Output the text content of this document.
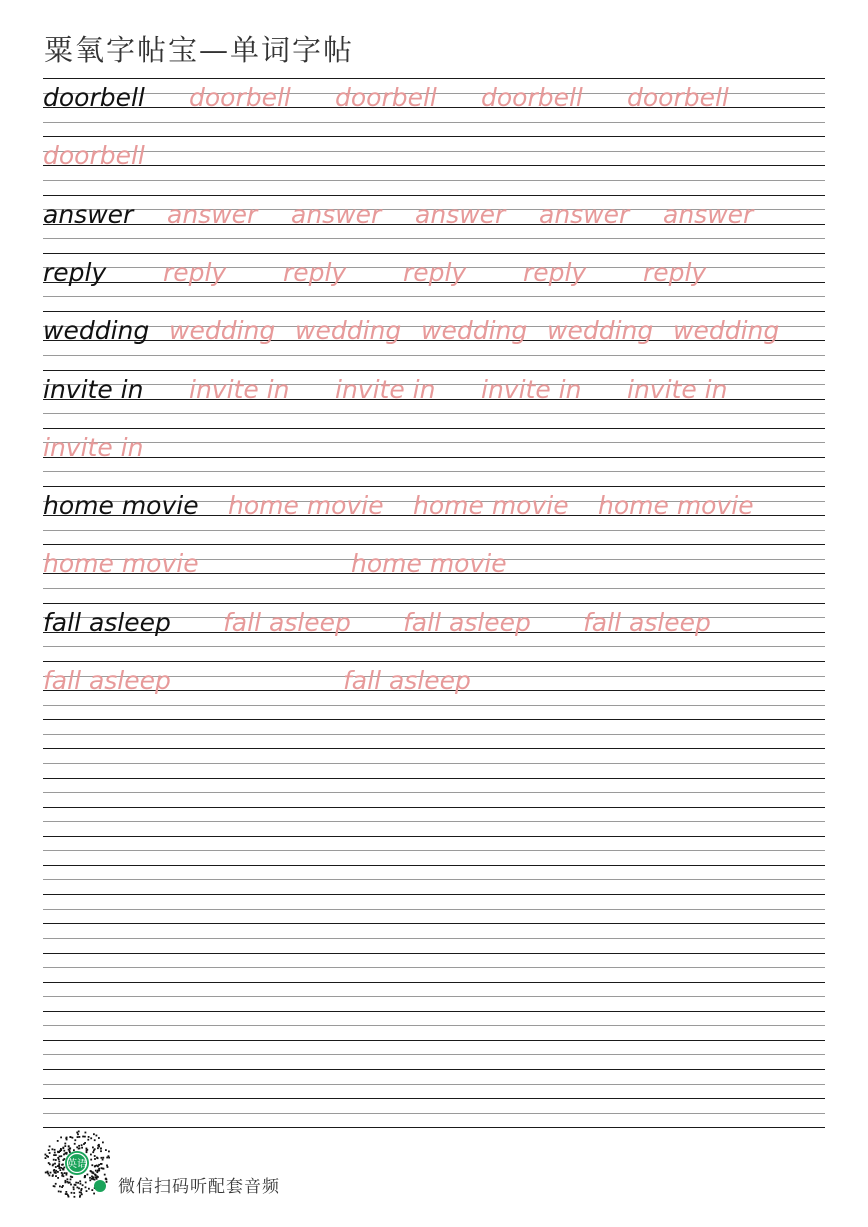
粟氧字帖宝—单词字帖
doorbell doorbell doorbell doorbell doorbell
doorbell
answer answer answer answer answer answer
reply reply reply reply reply reply
wedding wedding wedding wedding wedding wedding
invite in invite in invite in invite in invite in
invite in
home movie home movie home movie home movie
home movie	home movie
fall asleep fall asleep fall asleep fall asleep
fall asleep	fall asleep
英语
微信扫码听配套音频
